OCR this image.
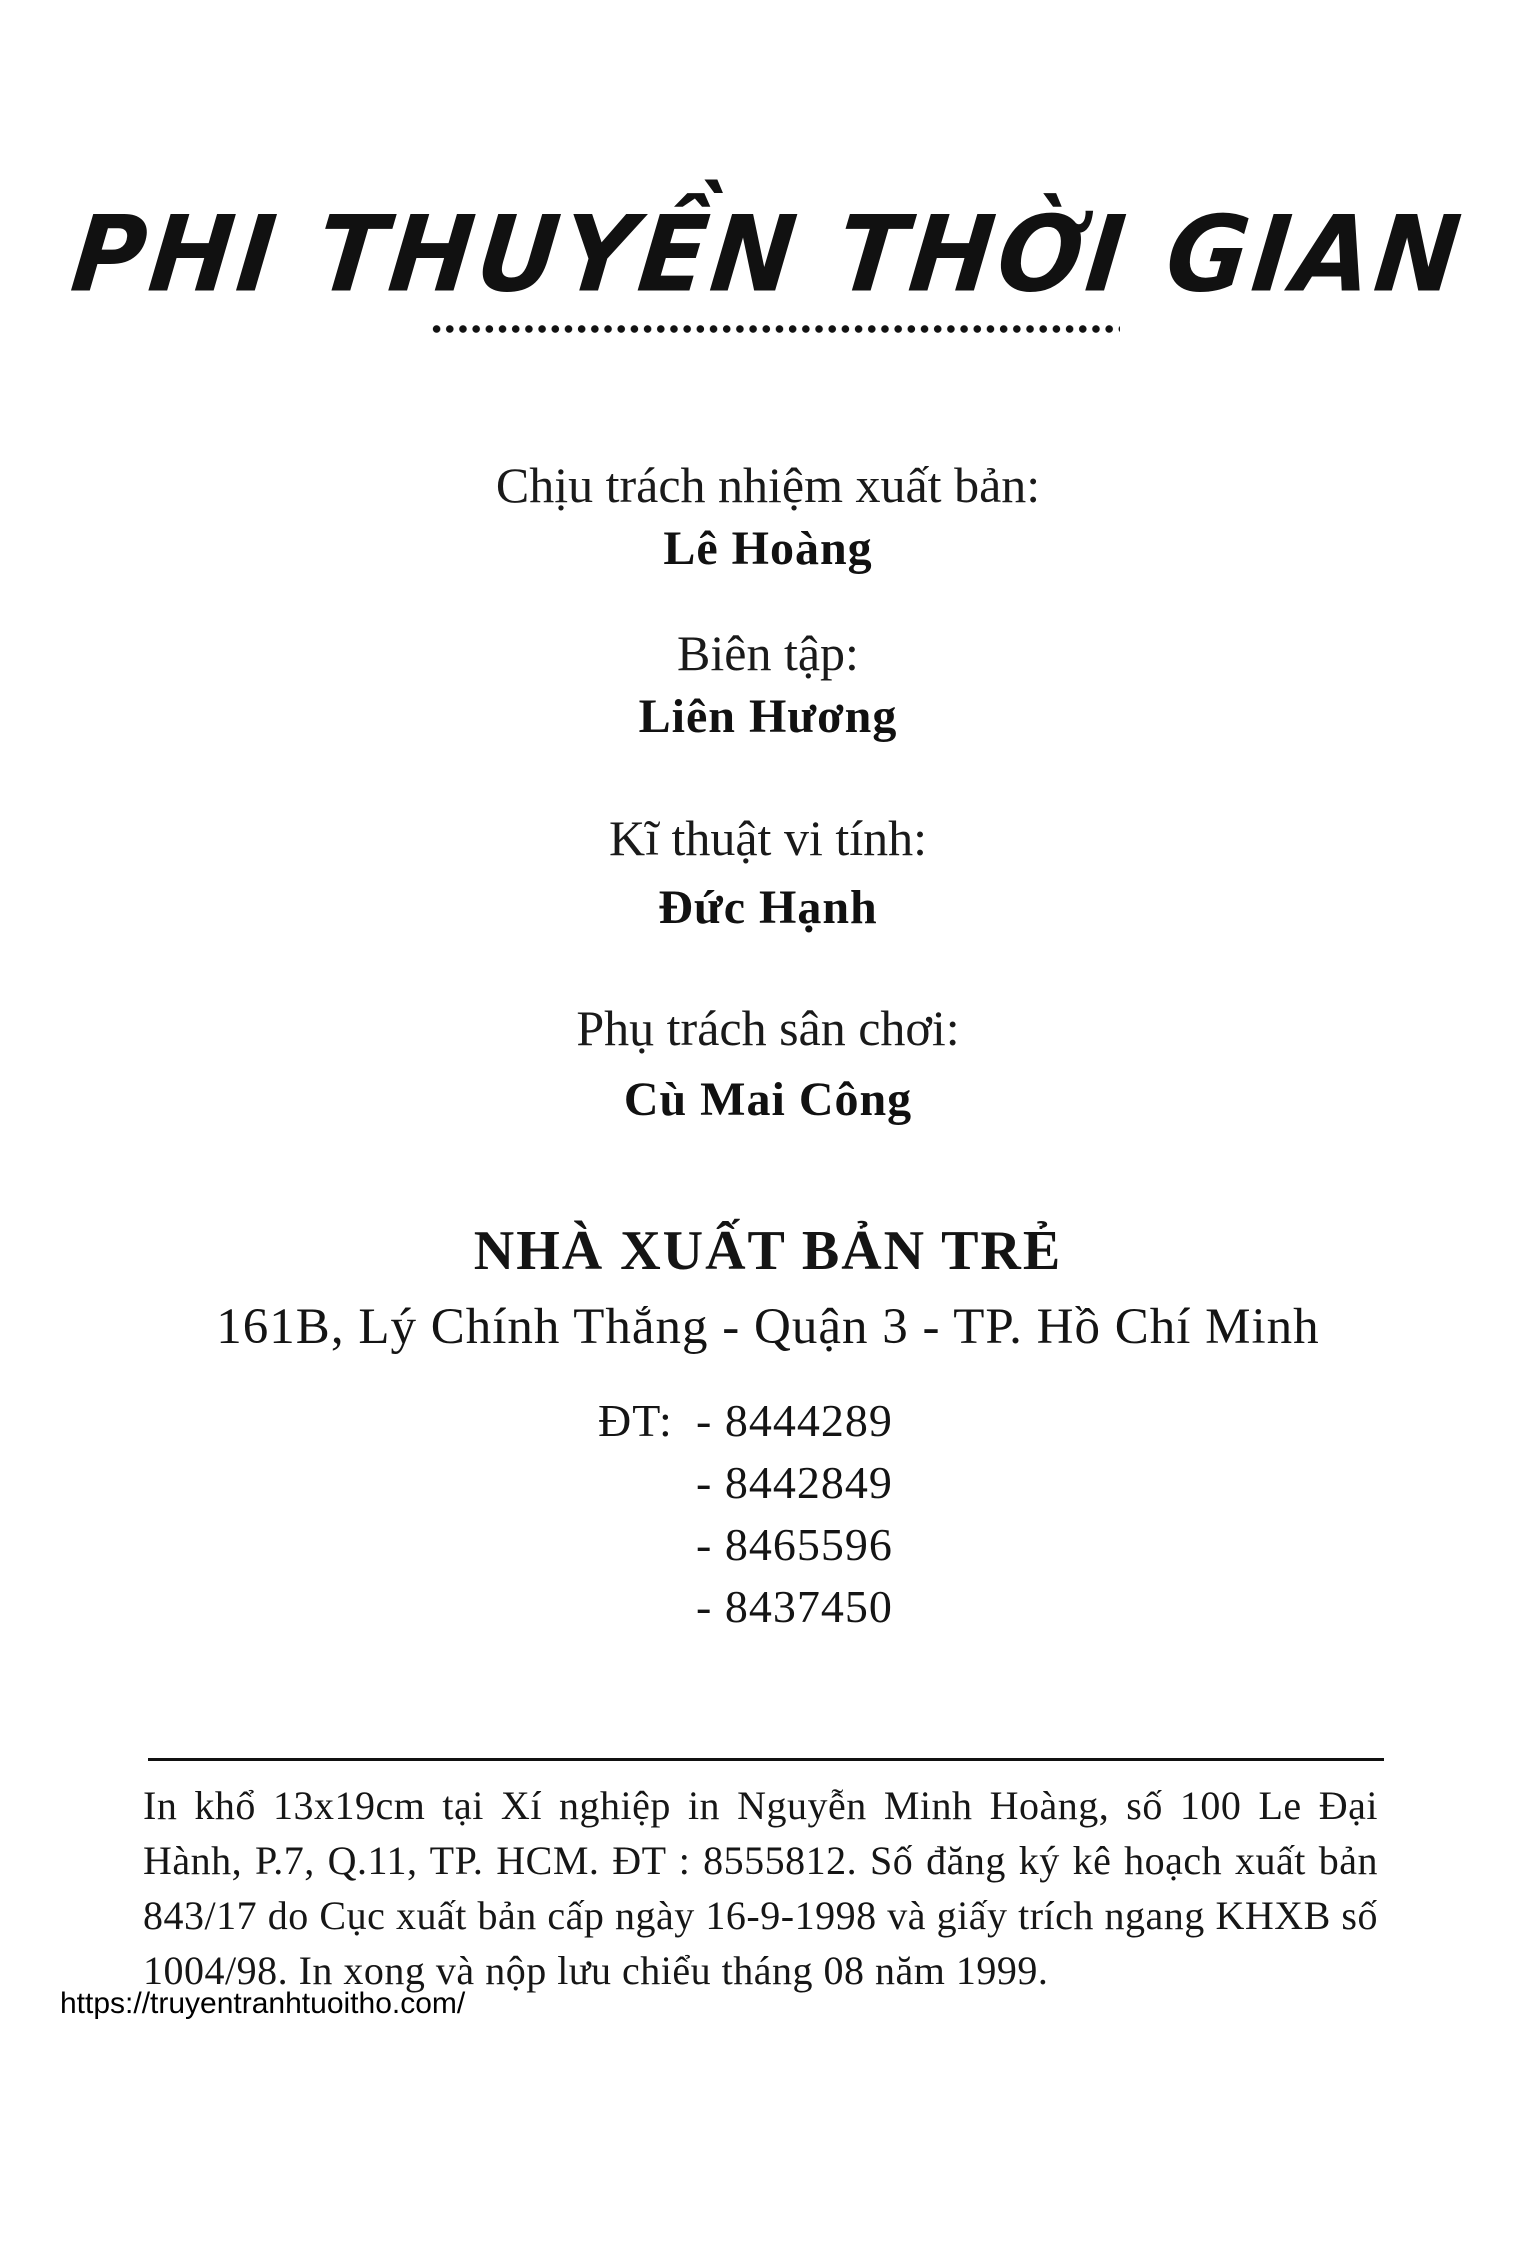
PHI THUYỀN THỜI GIAN
Chịu trách nhiệm xuất bản:
Lê Hoàng
Biên tập:
Liên Hương
Kĩ thuật vi tính:
Đức Hạnh
Phụ trách sân chơi:
Cù Mai Công
NHÀ XUẤT BẢN TRẺ
161B, Lý Chính Thắng - Quận 3 - TP. Hồ Chí Minh
ĐT: - 8444289
- 8442849
- 8465596
- 8437450
In khổ 13x19cm tại Xí nghiệp in Nguyễn Minh Hoàng, số 100 Le Đại Hành, P.7, Q.11, TP. HCM. ĐT : 8555812. Số đăng ký kê hoạch xuất bản 843/17 do Cục xuất bản cấp ngày 16-9-1998 và giấy trích ngang KHXB số 1004/98. In xong và nộp lưu chiểu tháng 08 năm 1999.
https://truyentranhtuoitho.com/
